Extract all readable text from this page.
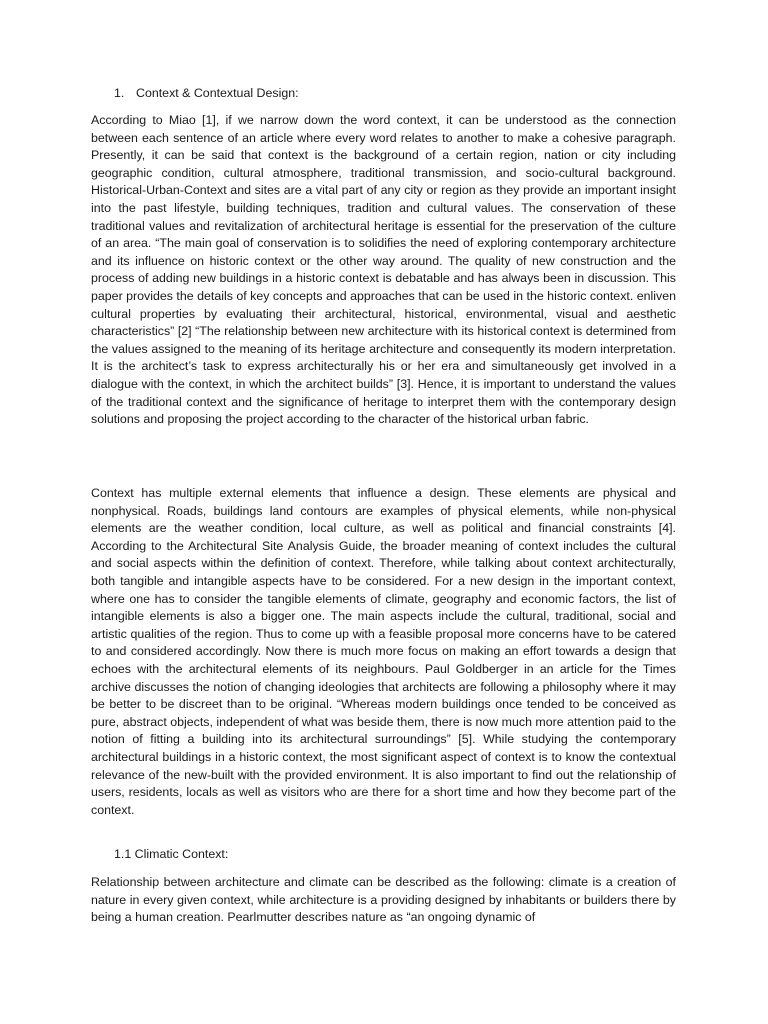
1. Context & Contextual Design:

According to Miao [1], if we narrow down the word context, it can be understood as the connection between each sentence of an article where every word relates to another to make a cohesive paragraph. Presently, it can be said that context is the background of a certain region, nation or city including geographic condition, cultural atmosphere, traditional transmission, and socio-cultural background. Historical-Urban-Context and sites are a vital part of any city or region as they provide an important insight into the past lifestyle, building techniques, tradition and cultural values. The conservation of these traditional values and revitalization of architectural heritage is essential for the preservation of the culture of an area. “The main goal of conservation is to solidifies the need of exploring contemporary architecture and its influence on historic context or the other way around. The quality of new construction and the process of adding new buildings in a historic context is debatable and has always been in discussion. This paper provides the details of key concepts and approaches that can be used in the historic context. enliven cultural properties by evaluating their architectural, historical, environmental, visual and aesthetic characteristics” [2] “The relationship between new architecture with its historical context is determined from the values assigned to the meaning of its heritage architecture and consequently its modern interpretation. It is the architect’s task to express architecturally his or her era and simultaneously get involved in a dialogue with the context, in which the architect builds” [3]. Hence, it is important to understand the values of the traditional context and the significance of heritage to interpret them with the contemporary design solutions and proposing the project according to the character of the historical urban fabric.

Context has multiple external elements that influence a design. These elements are physical and nonphysical. Roads, buildings land contours are examples of physical elements, while non-physical elements are the weather condition, local culture, as well as political and financial constraints [4]. According to the Architectural Site Analysis Guide, the broader meaning of context includes the cultural and social aspects within the definition of context. Therefore, while talking about context architecturally, both tangible and intangible aspects have to be considered. For a new design in the important context, where one has to consider the tangible elements of climate, geography and economic factors, the list of intangible elements is also a bigger one. The main aspects include the cultural, traditional, social and artistic qualities of the region. Thus to come up with a feasible proposal more concerns have to be catered to and considered accordingly. Now there is much more focus on making an effort towards a design that echoes with the architectural elements of its neighbours. Paul Goldberger in an article for the Times archive discusses the notion of changing ideologies that architects are following a philosophy where it may be better to be discreet than to be original. “Whereas modern buildings once tended to be conceived as pure, abstract objects, independent of what was beside them, there is now much more attention paid to the notion of fitting a building into its architectural surroundings” [5]. While studying the contemporary architectural buildings in a historic context, the most significant aspect of context is to know the contextual relevance of the new-built with the provided environment. It is also important to find out the relationship of users, residents, locals as well as visitors who are there for a short time and how they become part of the context.

1.1 Climatic Context:

Relationship between architecture and climate can be described as the following: climate is a creation of nature in every given context, while architecture is a providing designed by inhabitants or builders there by being a human creation. Pearlmutter describes nature as “an ongoing dynamic of
